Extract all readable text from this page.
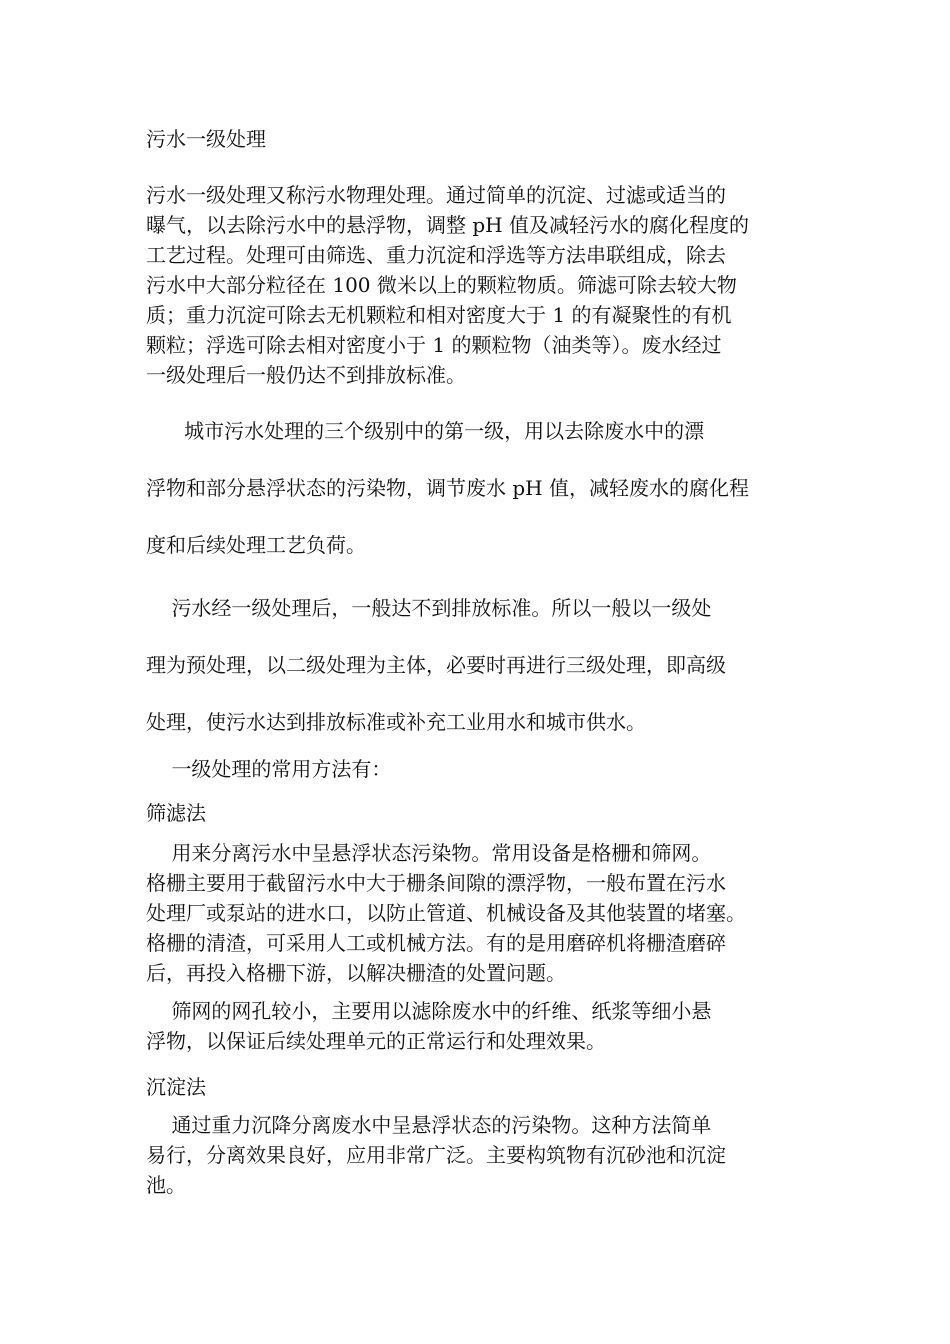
污水一级处理

污水一级处理又称污水物理处理。通过简单的沉淀、过滤或适当的
曝气，以去除污水中的悬浮物，调整 pH 值及减轻污水的腐化程度的
工艺过程。处理可由筛选、重力沉淀和浮选等方法串联组成，除去
污水中大部分粒径在 100 微米以上的颗粒物质。筛滤可除去较大物
质；重力沉淀可除去无机颗粒和相对密度大于 1 的有凝聚性的有机
颗粒；浮选可除去相对密度小于 1 的颗粒物（油类等）。废水经过
一级处理后一般仍达不到排放标准。

城市污水处理的三个级别中的第一级，用以去除废水中的漂
浮物和部分悬浮状态的污染物，调节废水 pH 值，减轻废水的腐化程
度和后续处理工艺负荷。

污水经一级处理后，一般达不到排放标准。所以一般以一级处
理为预处理，以二级处理为主体，必要时再进行三级处理，即高级
处理，使污水达到排放标准或补充工业用水和城市供水。

一级处理的常用方法有：

筛滤法

用来分离污水中呈悬浮状态污染物。常用设备是格栅和筛网。
格栅主要用于截留污水中大于栅条间隙的漂浮物，一般布置在污水
处理厂或泵站的进水口，以防止管道、机械设备及其他装置的堵塞。
格栅的清渣，可采用人工或机械方法。有的是用磨碎机将栅渣磨碎
后，再投入格栅下游，以解决栅渣的处置问题。

筛网的网孔较小，主要用以滤除废水中的纤维、纸浆等细小悬
浮物，以保证后续处理单元的正常运行和处理效果。

沉淀法

通过重力沉降分离废水中呈悬浮状态的污染物。这种方法简单
易行，分离效果良好，应用非常广泛。主要构筑物有沉砂池和沉淀
池。
